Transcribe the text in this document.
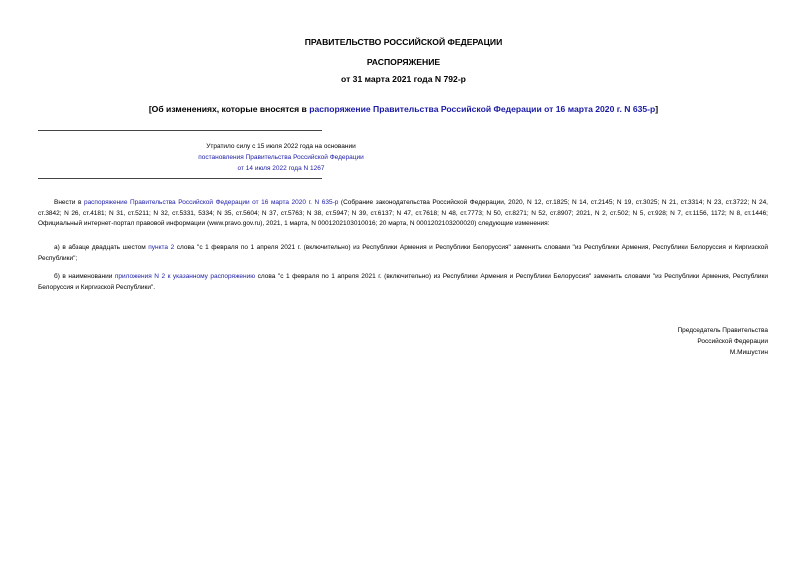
ПРАВИТЕЛЬСТВО РОССИЙСКОЙ ФЕДЕРАЦИИ
РАСПОРЯЖЕНИЕ
от 31 марта 2021 года N 792-р
[Об изменениях, которые вносятся в распоряжение Правительства Российской Федерации от 16 марта 2020 г. N 635-р]
Утратило силу с 15 июля 2022 года на основании
постановления Правительства Российской Федерации
от 14 июля 2022 года N 1267
Внести в распоряжение Правительства Российской Федерации от 16 марта 2020 г. N 635-р (Собрание законодательства Российской Федерации, 2020, N 12, ст.1825; N 14, ст.2145; N 19, ст.3025; N 21, ст.3314; N 23, ст.3722; N 24, ст.3842; N 26, ст.4181; N 31, ст.5211; N 32, ст.5331, 5334; N 35, ст.5604; N 37, ст.5763; N 38, ст.5947; N 39, ст.6137; N 47, ст.7618; N 48, ст.7773; N 50, ст.8271; N 52, ст.8907; 2021, N 2, ст.502; N 5, ст.928; N 7, ст.1156, 1172; N 8, ст.1446; Официальный интернет-портал правовой информации (www.pravo.gov.ru), 2021, 1 марта, N 0001202103010016; 20 марта, N 0001202103200020) следующие изменения:
а) в абзаце двадцать шестом пункта 2 слова "с 1 февраля по 1 апреля 2021 г. (включительно) из Республики Армения и Республики Белоруссия" заменить словами "из Республики Армения, Республики Белоруссия и Киргизской Республики";
б) в наименовании приложения N 2 к указанному распоряжению слова "с 1 февраля по 1 апреля 2021 г. (включительно) из Республики Армения и Республики Белоруссия" заменить словами "из Республики Армения, Республики Белоруссия и Киргизской Республики".
Председатель Правительства
Российской Федерации
М.Мишустин
